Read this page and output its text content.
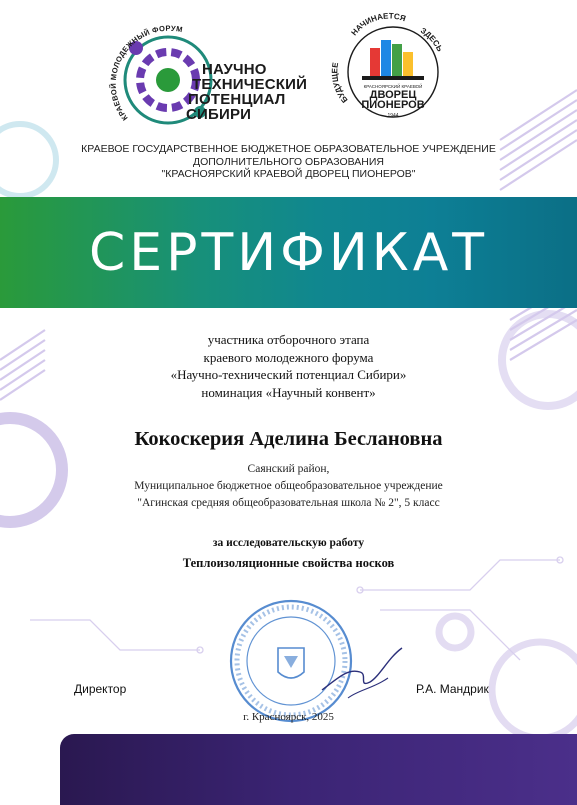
КРАЕВОЙ МОЛОДЕЖНЫЙ ФОРУМ
БУДУЩЕЕ
НАЧИНАЕТСЯ
ЗДЕСЬ
КРАСНОЯРСКИЙ КРАЕВОЙ
ДВОРЕЦ
ПИОНЕРОВ
1944
НАУЧНО
ТЕХНИЧЕСКИЙ
ПОТЕНЦИАЛ
СИБИРИ
КРАЕВОЕ ГОСУДАРСТВЕННОЕ БЮДЖЕТНОЕ ОБРАЗОВАТЕЛЬНОЕ УЧРЕЖДЕНИЕ
ДОПОЛНИТЕЛЬНОГО ОБРАЗОВАНИЯ
"КРАСНОЯРСКИЙ КРАЕВОЙ ДВОРЕЦ ПИОНЕРОВ"
СЕРТИФИКАТ
участника отборочного этапа
краевого молодежного форума
«Научно-технический потенциал Сибири»
номинация «Научный конвент»
Кокоскерия Аделина Беслановна
Саянский район,
Муниципальное бюджетное общеобразовательное учреждение
"Агинская средняя общеобразовательная школа № 2", 5 класс
за исследовательскую работу
Теплоизоляционные свойства носков
Директор	Р.А. Мандрик
г. Красноярск, 2025
